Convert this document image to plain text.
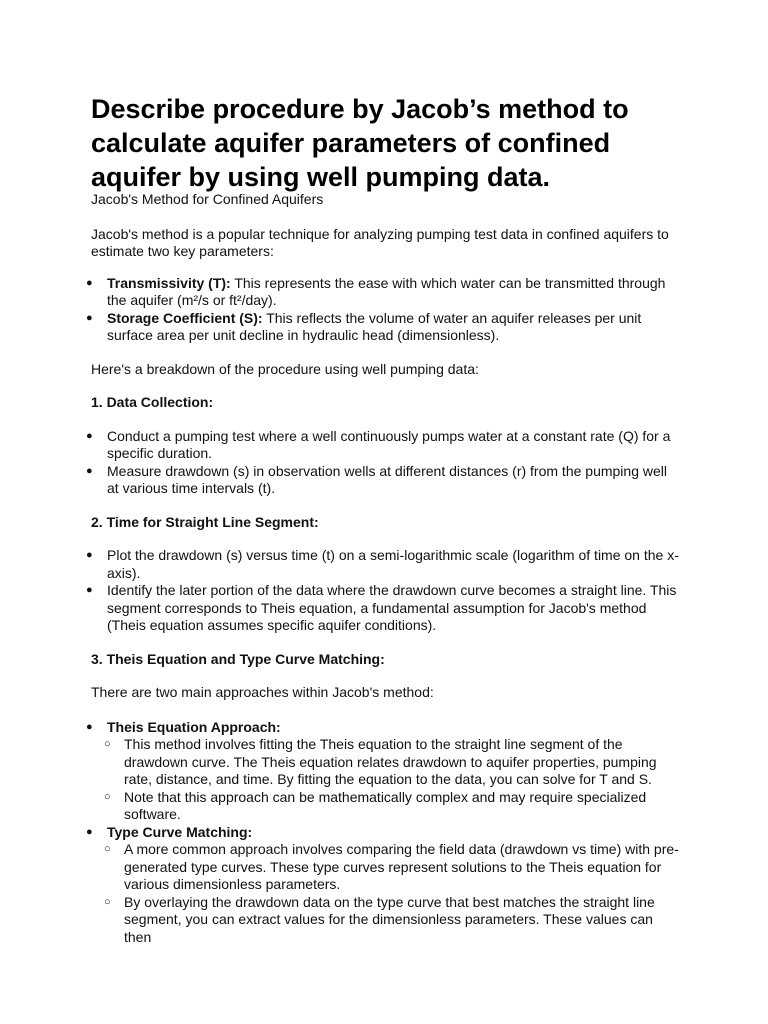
Describe procedure by Jacob’s method to calculate aquifer parameters of confined aquifer by using well pumping data.

Jacob's Method for Confined Aquifers

Jacob's method is a popular technique for analyzing pumping test data in confined aquifers to estimate two key parameters:

● Transmissivity (T): This represents the ease with which water can be transmitted through the aquifer (m²/s or ft²/day).
● Storage Coefficient (S): This reflects the volume of water an aquifer releases per unit surface area per unit decline in hydraulic head (dimensionless).

Here's a breakdown of the procedure using well pumping data:

1. Data Collection:

● Conduct a pumping test where a well continuously pumps water at a constant rate (Q) for a specific duration.
● Measure drawdown (s) in observation wells at different distances (r) from the pumping well at various time intervals (t).

2. Time for Straight Line Segment:

● Plot the drawdown (s) versus time (t) on a semi-logarithmic scale (logarithm of time on the x-axis).
● Identify the later portion of the data where the drawdown curve becomes a straight line. This segment corresponds to Theis equation, a fundamental assumption for Jacob's method (Theis equation assumes specific aquifer conditions).

3. Theis Equation and Type Curve Matching:

There are two main approaches within Jacob's method:

● Theis Equation Approach:
○ This method involves fitting the Theis equation to the straight line segment of the drawdown curve. The Theis equation relates drawdown to aquifer properties, pumping rate, distance, and time. By fitting the equation to the data, you can solve for T and S.
○ Note that this approach can be mathematically complex and may require specialized software.
● Type Curve Matching:
○ A more common approach involves comparing the field data (drawdown vs time) with pre-generated type curves. These type curves represent solutions to the Theis equation for various dimensionless parameters.
○ By overlaying the drawdown data on the type curve that best matches the straight line segment, you can extract values for the dimensionless parameters. These values can then
